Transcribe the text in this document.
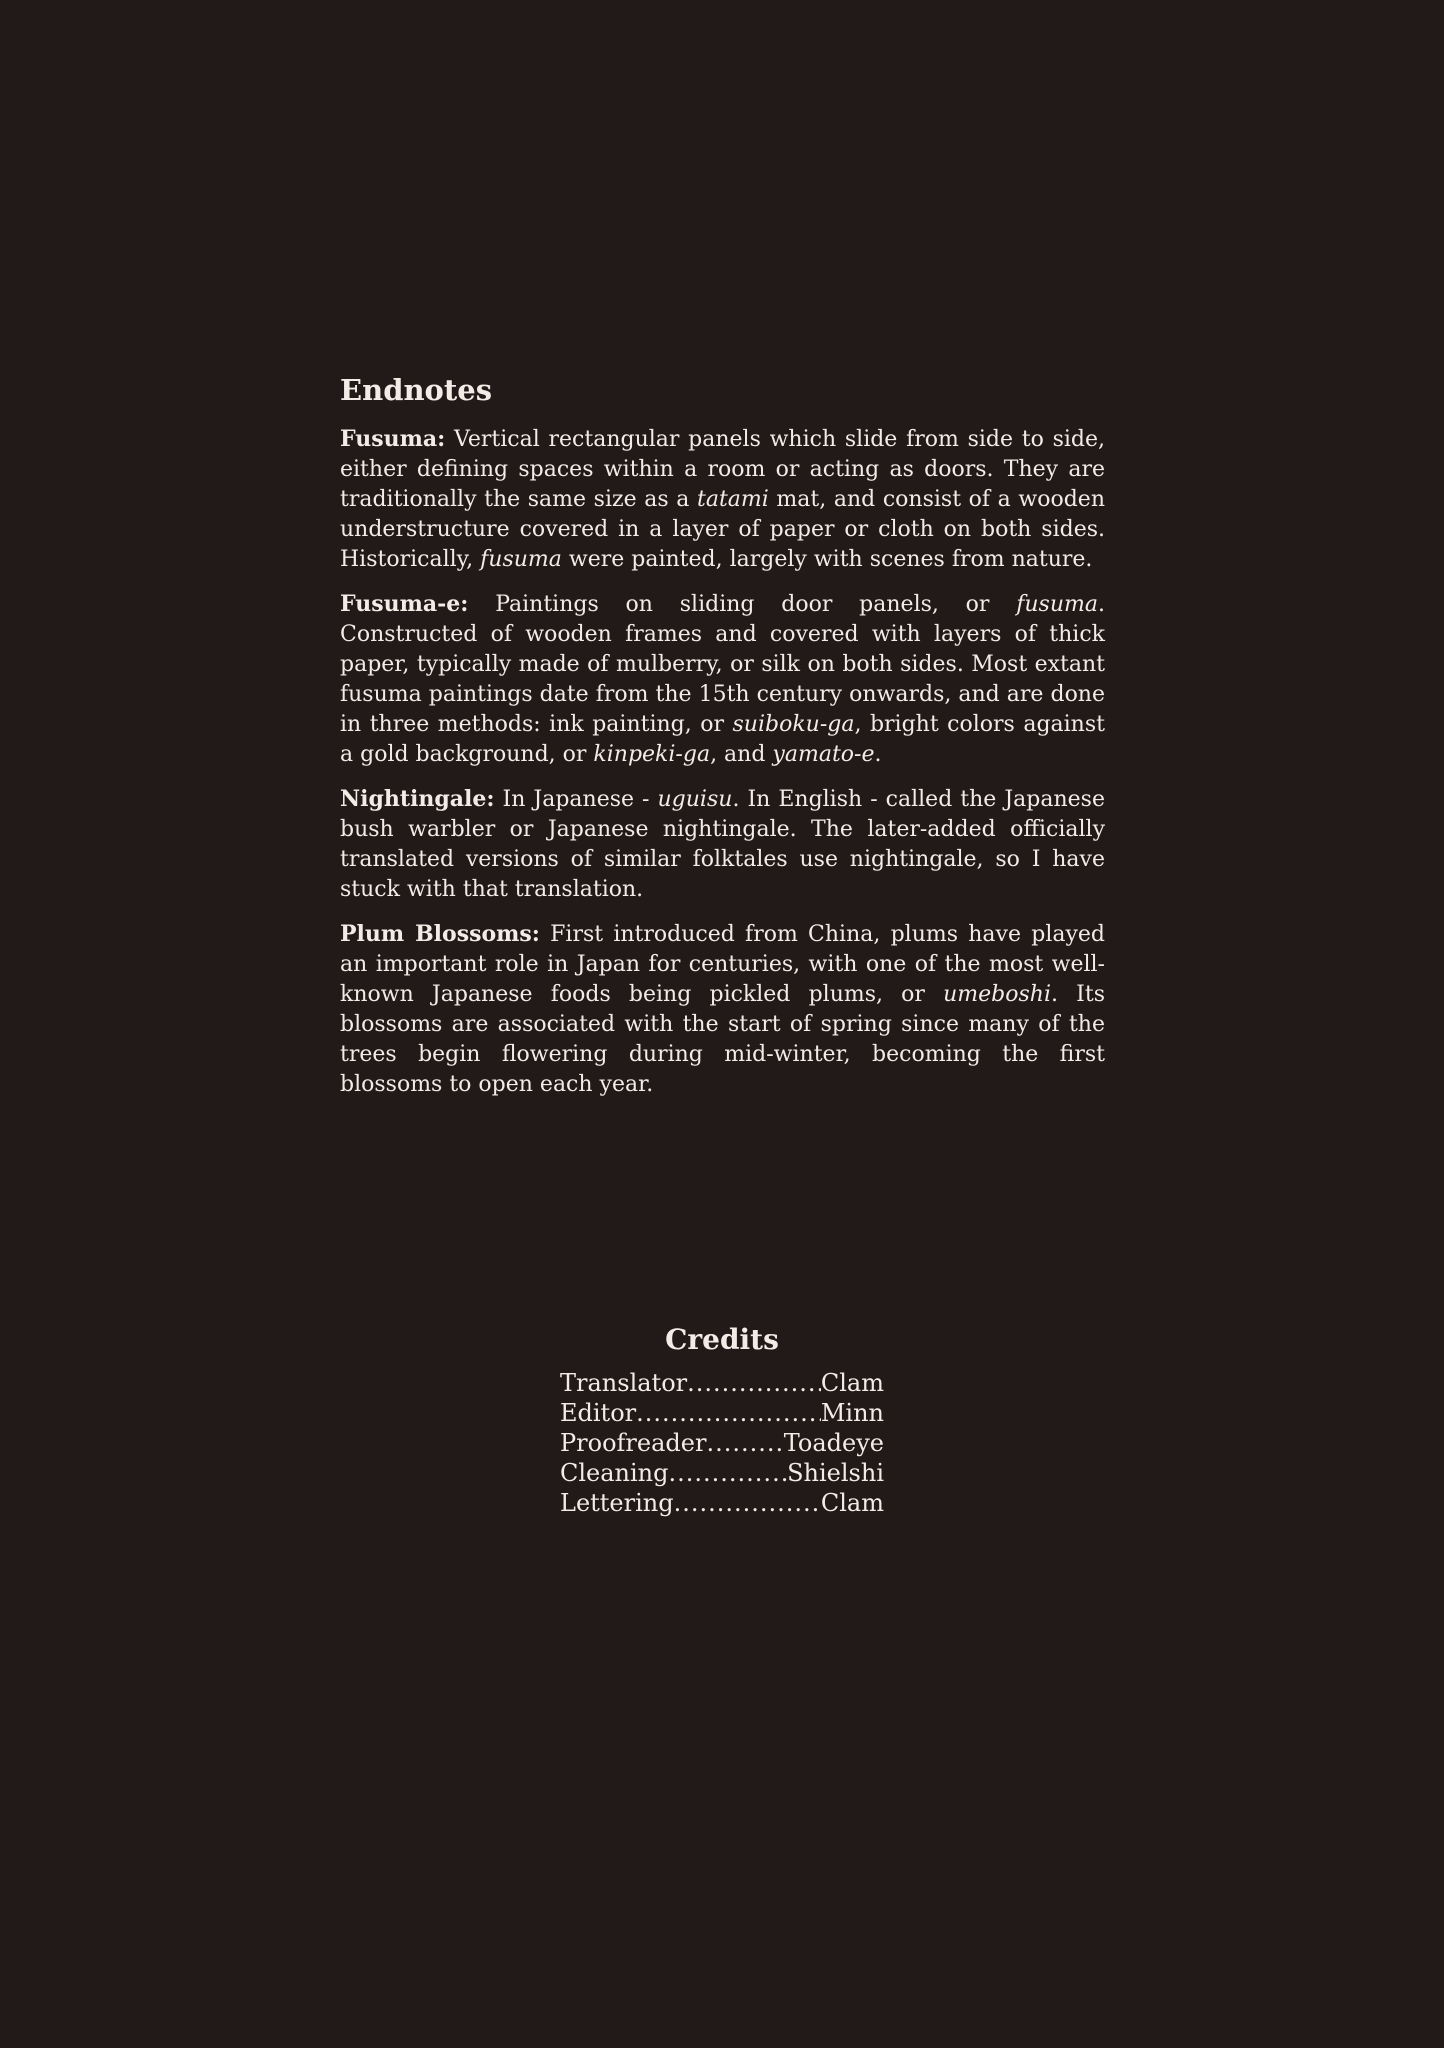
Endnotes

Fusuma: Vertical rectangular panels which slide from side to side, either defining spaces within a room or acting as doors. They are traditionally the same size as a tatami mat, and consist of a wooden understructure covered in a layer of paper or cloth on both sides. Historically, fusuma were painted, largely with scenes from nature.

Fusuma-e: Paintings on sliding door panels, or fusuma. Constructed of wooden frames and covered with layers of thick paper, typically made of mulberry, or silk on both sides. Most extant fusuma paintings date from the 15th century onwards, and are done in three methods: ink painting, or suiboku-ga, bright colors against a gold background, or kinpeki-ga, and yamato-e.

Nightingale: In Japanese - uguisu. In English - called the Japanese bush warbler or Japanese nightingale. The later-added officially translated versions of similar folktales use nightingale, so I have stuck with that translation.

Plum Blossoms: First introduced from China, plums have played an important role in Japan for centuries, with one of the most well-known Japanese foods being pickled plums, or umeboshi. Its blossoms are associated with the start of spring since many of the trees begin flowering during mid-winter, becoming the first blossoms to open each year.

Credits
Translator .....	Clam
Editor .....	Minn
Proofreader .....	Toadeye
Cleaning .....	Shielshi
Lettering .....	Clam
